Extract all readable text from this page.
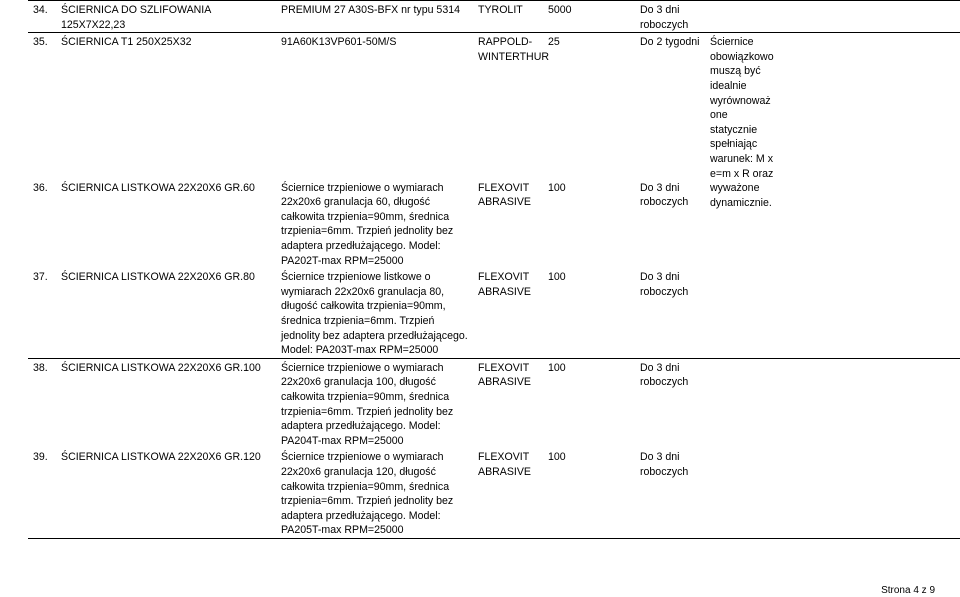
34. ŚCIERNICA DO SZLIFOWANIA 125X7X22,23	PREMIUM 27 A30S-BFX nr typu 5314	TYROLIT	5000	Do 3 dni roboczych	

35. ŚCIERNICA T1 250X25X32	91A60K13VP601-50M/S	RAPPOLD-WINTERTHUR	25	Do 2 tygodni	Ściernice obowiązkowo muszą być idealnie wyrównoważ one statycznie spełniając warunek: M x e=m x R oraz wyważone dynamicznie.

36. ŚCIERNICA LISTKOWA 22X20X6 GR.60	Ściernice trzpieniowe o wymiarach 22x20x6 granulacja 60, długość całkowita trzpienia=90mm, średnica trzpienia=6mm. Trzpień jednolity bez adaptera przedłużającego. Model: PA202T-max RPM=25000	FLEXOVIT ABRASIVE	100	Do 3 dni roboczych	

37. ŚCIERNICA LISTKOWA 22X20X6 GR.80	Ściernice trzpieniowe listkowe o wymiarach 22x20x6 granulacja 80, długość całkowita trzpienia=90mm, średnica trzpienia=6mm. Trzpień jednolity bez adaptera przedłużającego. Model: PA203T-max RPM=25000	FLEXOVIT ABRASIVE	100	Do 3 dni roboczych	

38. ŚCIERNICA LISTKOWA 22X20X6 GR.100	Ściernice trzpieniowe o wymiarach 22x20x6 granulacja 100, długość całkowita trzpienia=90mm, średnica trzpienia=6mm. Trzpień jednolity bez adaptera przedłużającego. Model: PA204T-max RPM=25000	FLEXOVIT ABRASIVE	100	Do 3 dni roboczych	

39. ŚCIERNICA LISTKOWA 22X20X6 GR.120	Ściernice trzpieniowe o wymiarach 22x20x6 granulacja 120, długość całkowita trzpienia=90mm, średnica trzpienia=6mm. Trzpień jednolity bez adaptera przedłużającego. Model: PA205T-max RPM=25000	FLEXOVIT ABRASIVE	100	Do 3 dni roboczych	
Strona 4 z 9
